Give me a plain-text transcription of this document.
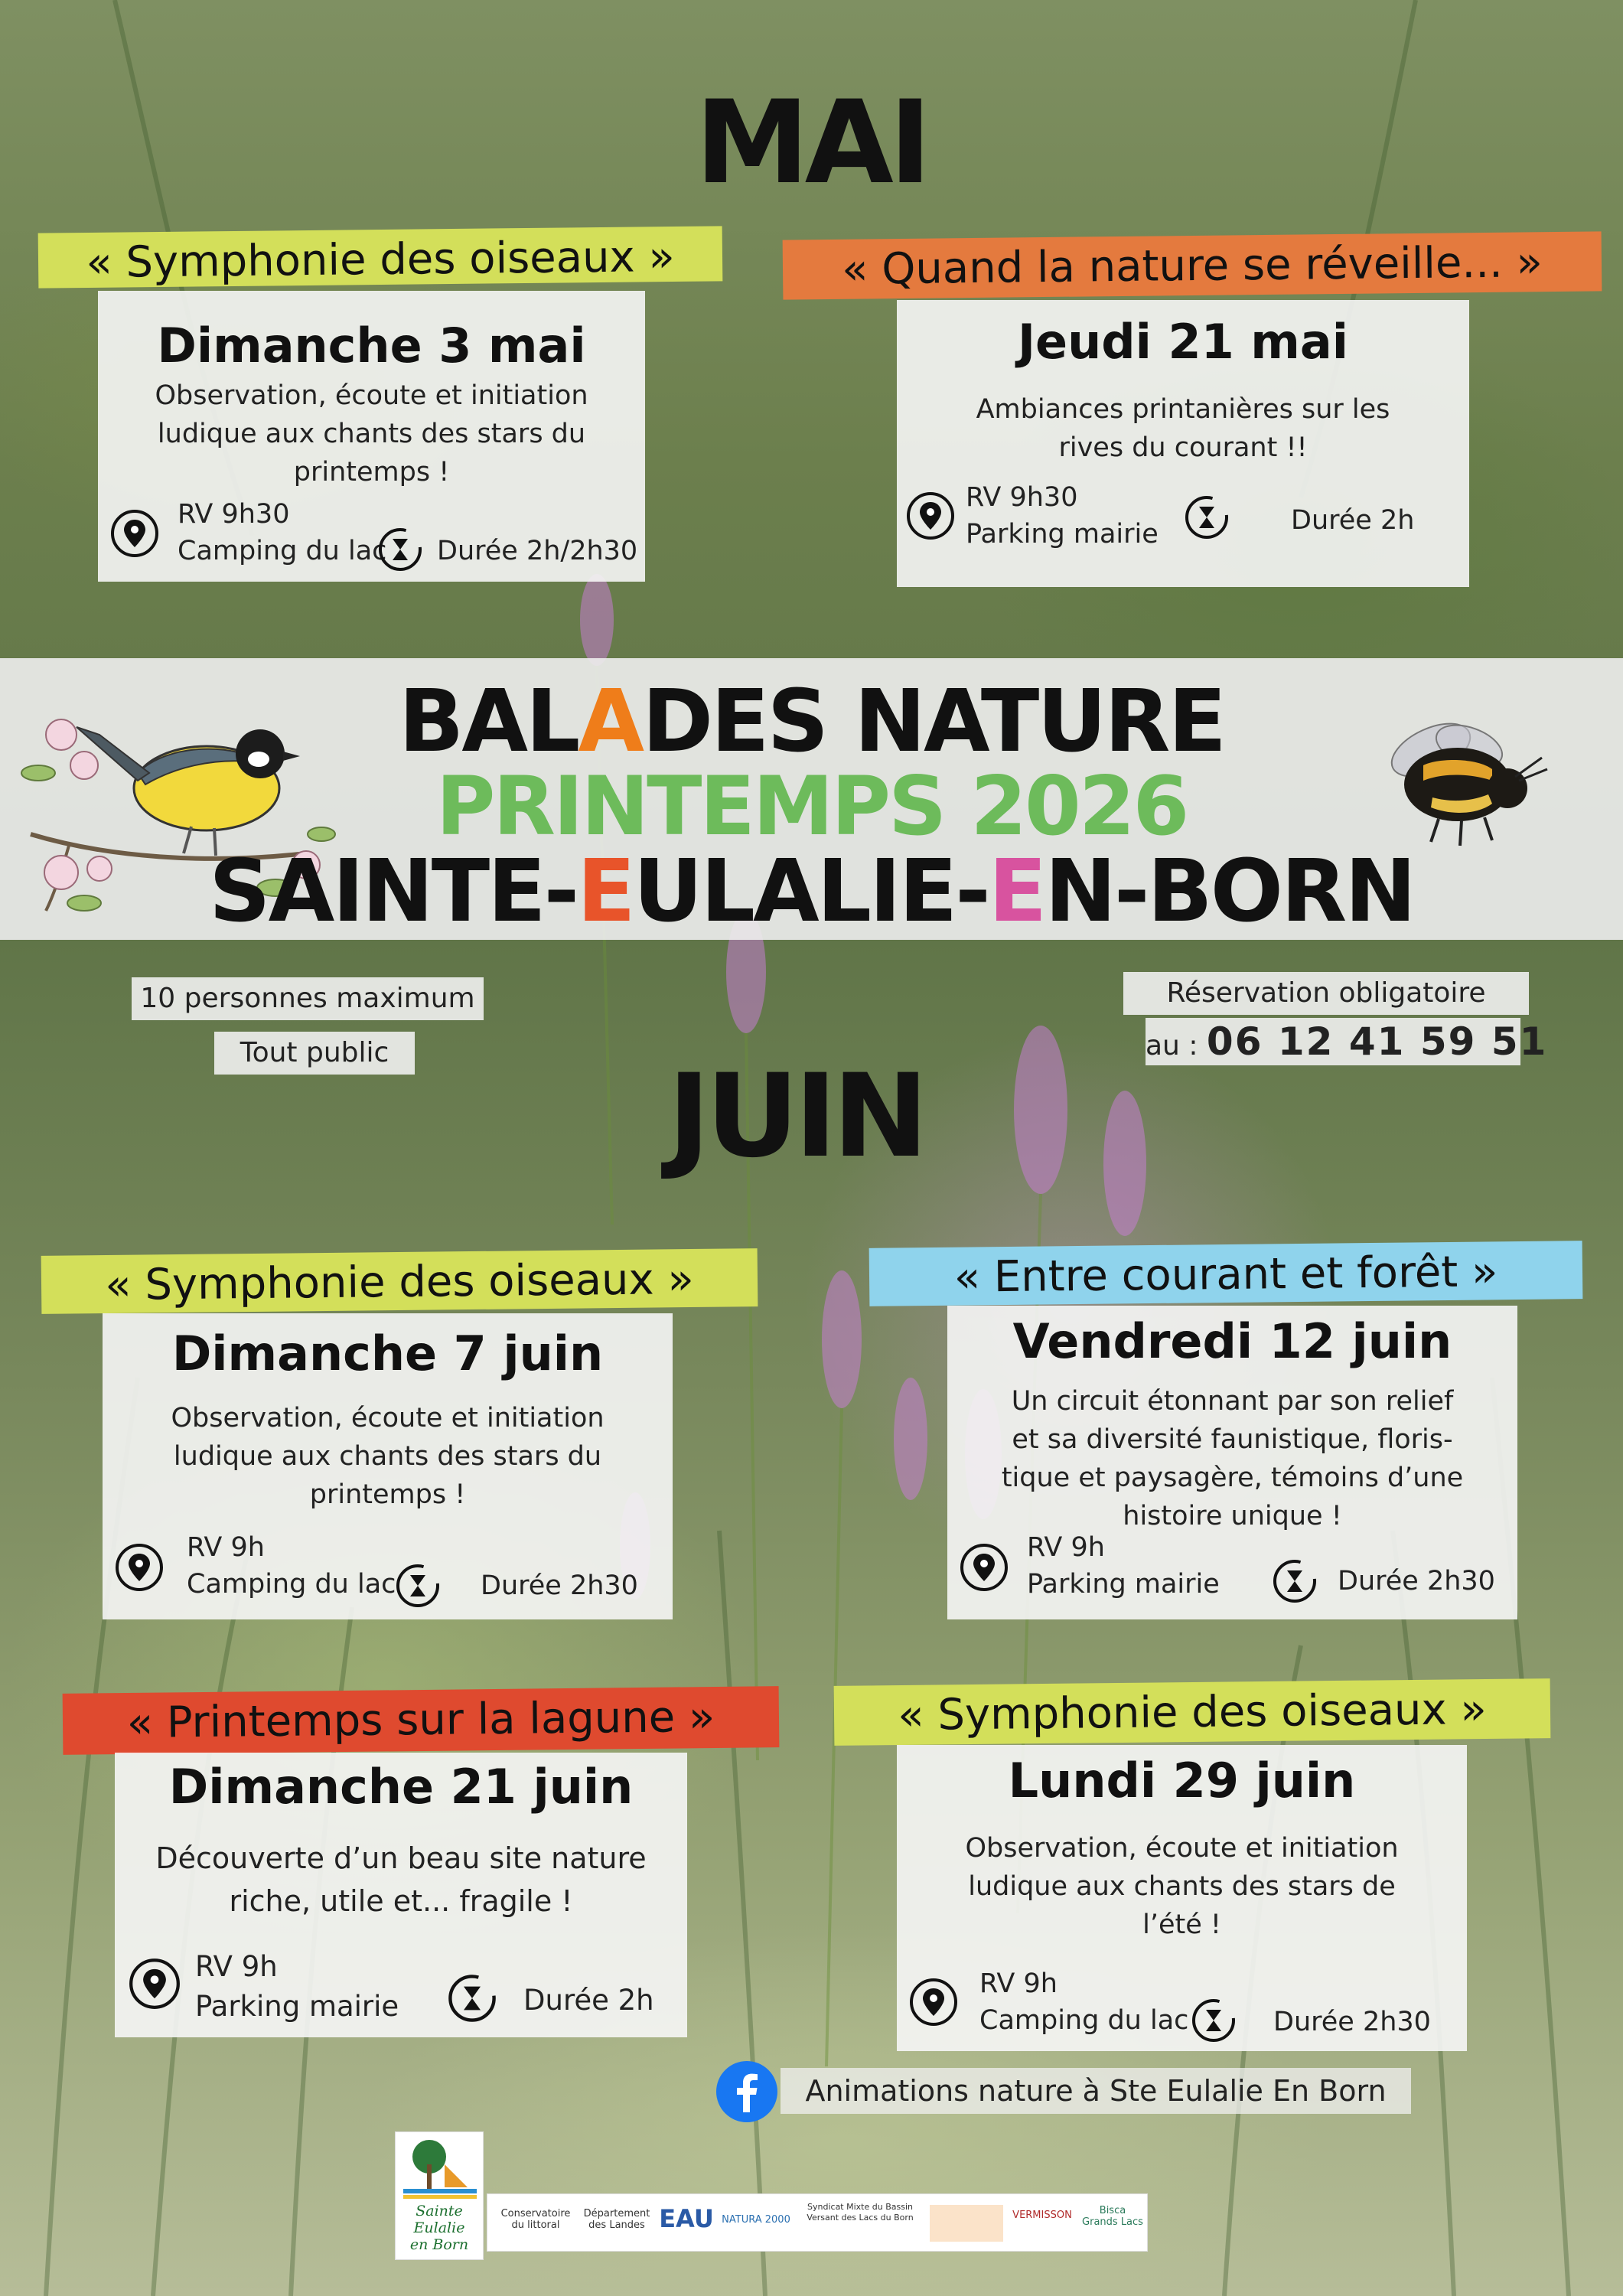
MAI
« Symphonie des oiseaux »
Dimanche 3 mai
Observation, écoute et initiation
ludique aux chants des stars du
printemps !
RV 9h30
Camping du lac Durée 2h/2h30
« Quand la nature se réveille... »
Jeudi 21 mai
Ambiances printanières sur les
rives du courant !!
RV 9h30
Parking mairie	Durée 2h
BALADES NATURE
PRINTEMPS 2026
SAINTE-EULALIE-EN-BORN
10 personnes maximum
Tout public
Réservation obligatoire
au : 06 12 41 59 51
JUIN
« Symphonie des oiseaux »
Dimanche 7 juin
Observation, écoute et initiation
ludique aux chants des stars du
printemps !
RV 9h
Camping du lac	Durée 2h30
« Entre courant et forêt »
Vendredi 12 juin
Un circuit étonnant par son relief
et sa diversité faunistique, floris-
tique et paysagère, témoins d’une
histoire unique !
RV 9h
Parking mairie	Durée 2h30
« Printemps sur la lagune »
Dimanche 21 juin
Découverte d’un beau site nature
riche, utile et... fragile !
RV 9h
Parking mairie	Durée 2h
« Symphonie des oiseaux »
Lundi 29 juin
Observation, écoute et initiation
ludique aux chants des stars de
l’été !
RV 9h
Camping du lac	Durée 2h30
Animations nature à Ste Eulalie En Born
Sainte
Eulalie
en Born
Conservatoire du littoral
Département des Landes EAU NATURA 2000
Syndicat Mixte du Bassin Versant des Lacs du Born	VERMISSON	Bisca Grands Lacs
